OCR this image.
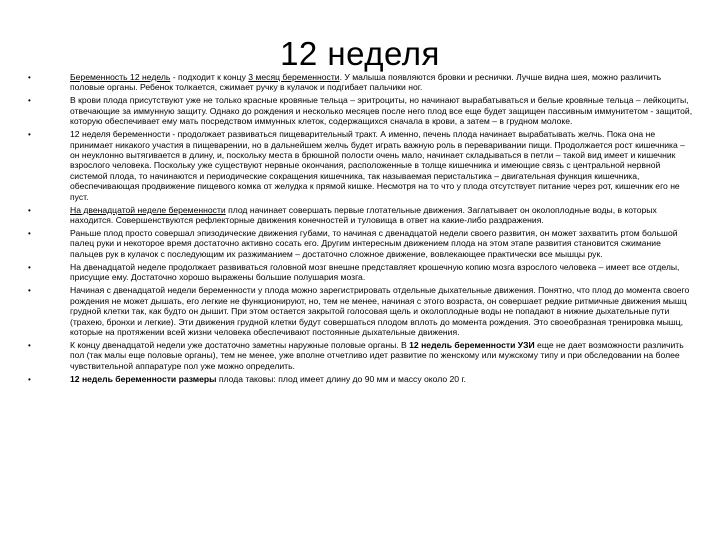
12 неделя
•	Беременность 12 недель - подходит к концу 3 месяц беременности. У малыша появляются бровки и реснички. Лучше видна шея, можно различить половые органы. Ребенок толкается, сжимает ручку в кулачок и подгибает пальчики ног.
•	В крови плода присутствуют уже не только красные кровяные тельца – эритроциты, но начинают вырабатываться и белые кровяные тельца – лейкоциты, отвечающие за иммунную защиту. Однако до рождения и несколько месяцев после него плод все еще будет защищен пассивным иммунитетом - защитой, которую обеспечивает ему мать посредством иммунных клеток, содержащихся сначала в крови, а затем – в грудном молоке.
•	12 неделя беременности - продолжает развиваться пищеварительный тракт. А именно, печень плода начинает вырабатывать желчь. Пока она не принимает никакого участия в пищеварении, но в дальнейшем желчь будет играть важную роль в переваривании пищи. Продолжается рост кишечника – он неуклонно вытягивается в длину, и, поскольку места в брюшной полости очень мало, начинает складываться в петли – такой вид имеет и кишечник взрослого человека. Поскольку уже существуют нервные окончания, расположенные в толще кишечника и имеющие связь с центральной нервной системой плода, то начинаются и периодические сокращения кишечника, так называемая перистальтика – двигательная функция кишечника, обеспечивающая продвижение пищевого комка от желудка к прямой кишке. Несмотря на то что у плода отсутствует питание через рот, кишечник его не пуст.
•	На двенадцатой неделе беременности плод начинает совершать первые глотательные движения. Заглатывает он околоплодные воды, в которых находится. Совершенствуются рефлекторные движения конечностей и туловища в ответ на какие-либо раздражения.
•	Раньше плод просто совершал эпизодические движения губами, то начиная с двенадцатой недели своего развития, он может захватить ртом большой палец руки и некоторое время достаточно активно сосать его. Другим интересным движением плода на этом этапе развития становится сжимание пальцев рук в кулачок с последующим их разжиманием – достаточно сложное движение, вовлекающее практически все мышцы рук.
•	На двенадцатой неделе продолжает развиваться головной мозг внешне представляет крошечную копию мозга взрослого человека – имеет все отделы, присущие ему. Достаточно хорошо выражены большие полушария мозга.
•	Начиная с двенадцатой недели беременности у плода можно зарегистрировать отдельные дыхательные движения. Понятно, что плод до момента своего рождения не может дышать, его легкие не функционируют, но, тем не менее, начиная с этого возраста, он совершает редкие ритмичные движения мышц грудной клетки так, как будто он дышит. При этом остается закрытой голосовая щель и околоплодные воды не попадают в нижние дыхательные пути (трахею, бронхи и легкие). Эти движения грудной клетки будут совершаться плодом вплоть до момента рождения. Это своеобразная тренировка мышц, которые на протяжении всей жизни человека обеспечивают постоянные дыхательные движения.
•	К концу двенадцатой недели уже достаточно заметны наружные половые органы. В 12 недель беременности УЗИ еще не дает возможности различить пол (так малы еще половые органы), тем не менее, уже вполне отчетливо идет развитие по женскому или мужскому типу и при обследовании на более чувствительной аппаратуре пол уже можно определить.
•	12 недель беременности размеры плода таковы: плод имеет длину до 90 мм и массу около 20 г.
